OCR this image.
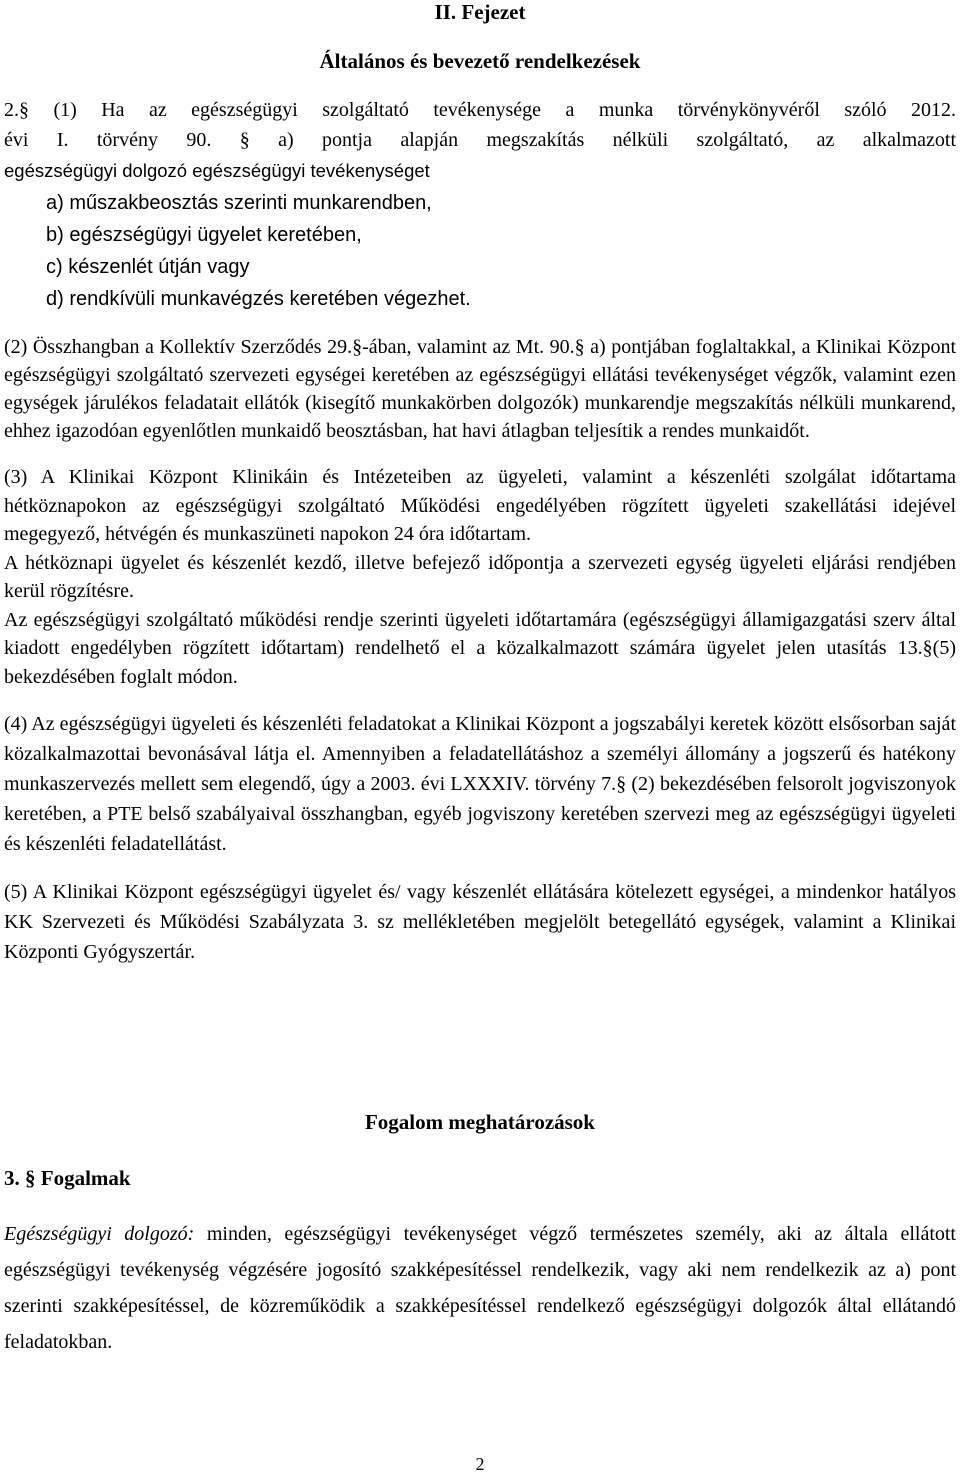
II. Fejezet
Általános és bevezető rendelkezések

2.§ (1) Ha az egészségügyi szolgáltató tevékenysége a munka törvénykönyvéről szóló 2012.

évi I. törvény 90. § a) pontja alapján megszakítás nélküli szolgáltató, az alkalmazott

egészségügyi dolgozó egészségügyi tevékenységet

a) műszakbeosztás szerinti munkarendben,
b) egészségügyi ügyelet keretében,
c) készenlét útján vagy
d) rendkívüli munkavégzés keretében végezhet.

(2) Összhangban a Kollektív Szerződés 29.§-ában, valamint az Mt. 90.§ a) pontjában foglaltakkal, a Klinikai Központ egészségügyi szolgáltató szervezeti egységei keretében az egészségügyi ellátási tevékenységet végzők, valamint ezen egységek járulékos feladatait ellátók (kisegítő munkakörben dolgozók) munkarendje megszakítás nélküli munkarend, ehhez igazodóan egyenlőtlen munkaidő beosztásban, hat havi átlagban teljesítik a rendes munkaidőt.

(3) A Klinikai Központ Klinikáin és Intézeteiben az ügyeleti, valamint a készenléti szolgálat időtartama hétköznapokon az egészségügyi szolgáltató Működési engedélyében rögzített ügyeleti szakellátási idejével megegyező, hétvégén és munkaszüneti napokon 24 óra időtartam.

A hétköznapi ügyelet és készenlét kezdő, illetve befejező időpontja a szervezeti egység ügyeleti eljárási rendjében kerül rögzítésre.

Az egészségügyi szolgáltató működési rendje szerinti ügyeleti időtartamára (egészségügyi államigazgatási szerv által kiadott engedélyben rögzített időtartam) rendelhető el a közalkalmazott számára ügyelet jelen utasítás 13.§(5) bekezdésében foglalt módon.

(4) Az egészségügyi ügyeleti és készenléti feladatokat a Klinikai Központ a jogszabályi keretek között elsősorban saját közalkalmazottai bevonásával látja el. Amennyiben a feladatellátáshoz a személyi állomány a jogszerű és hatékony munkaszervezés mellett sem elegendő, úgy a 2003. évi LXXXIV. törvény 7.§ (2) bekezdésében felsorolt jogviszonyok keretében, a PTE belső szabályaival összhangban, egyéb jogviszony keretében szervezi meg az egészségügyi ügyeleti és készenléti feladatellátást.

(5) A Klinikai Központ egészségügyi ügyelet és/ vagy készenlét ellátására kötelezett egységei, a mindenkor hatályos KK Szervezeti és Működési Szabályzata 3. sz mellékletében megjelölt betegellátó egységek, valamint a Klinikai Központi Gyógyszertár.

Fogalom meghatározások
3. § Fogalmak

Egészségügyi dolgozó: minden, egészségügyi tevékenységet végző természetes személy, aki az általa ellátott egészségügyi tevékenység végzésére jogosító szakképesítéssel rendelkezik, vagy aki nem rendelkezik az a) pont szerinti szakképesítéssel, de közreműködik a szakképesítéssel rendelkező egészségügyi dolgozók által ellátandó feladatokban.

2
